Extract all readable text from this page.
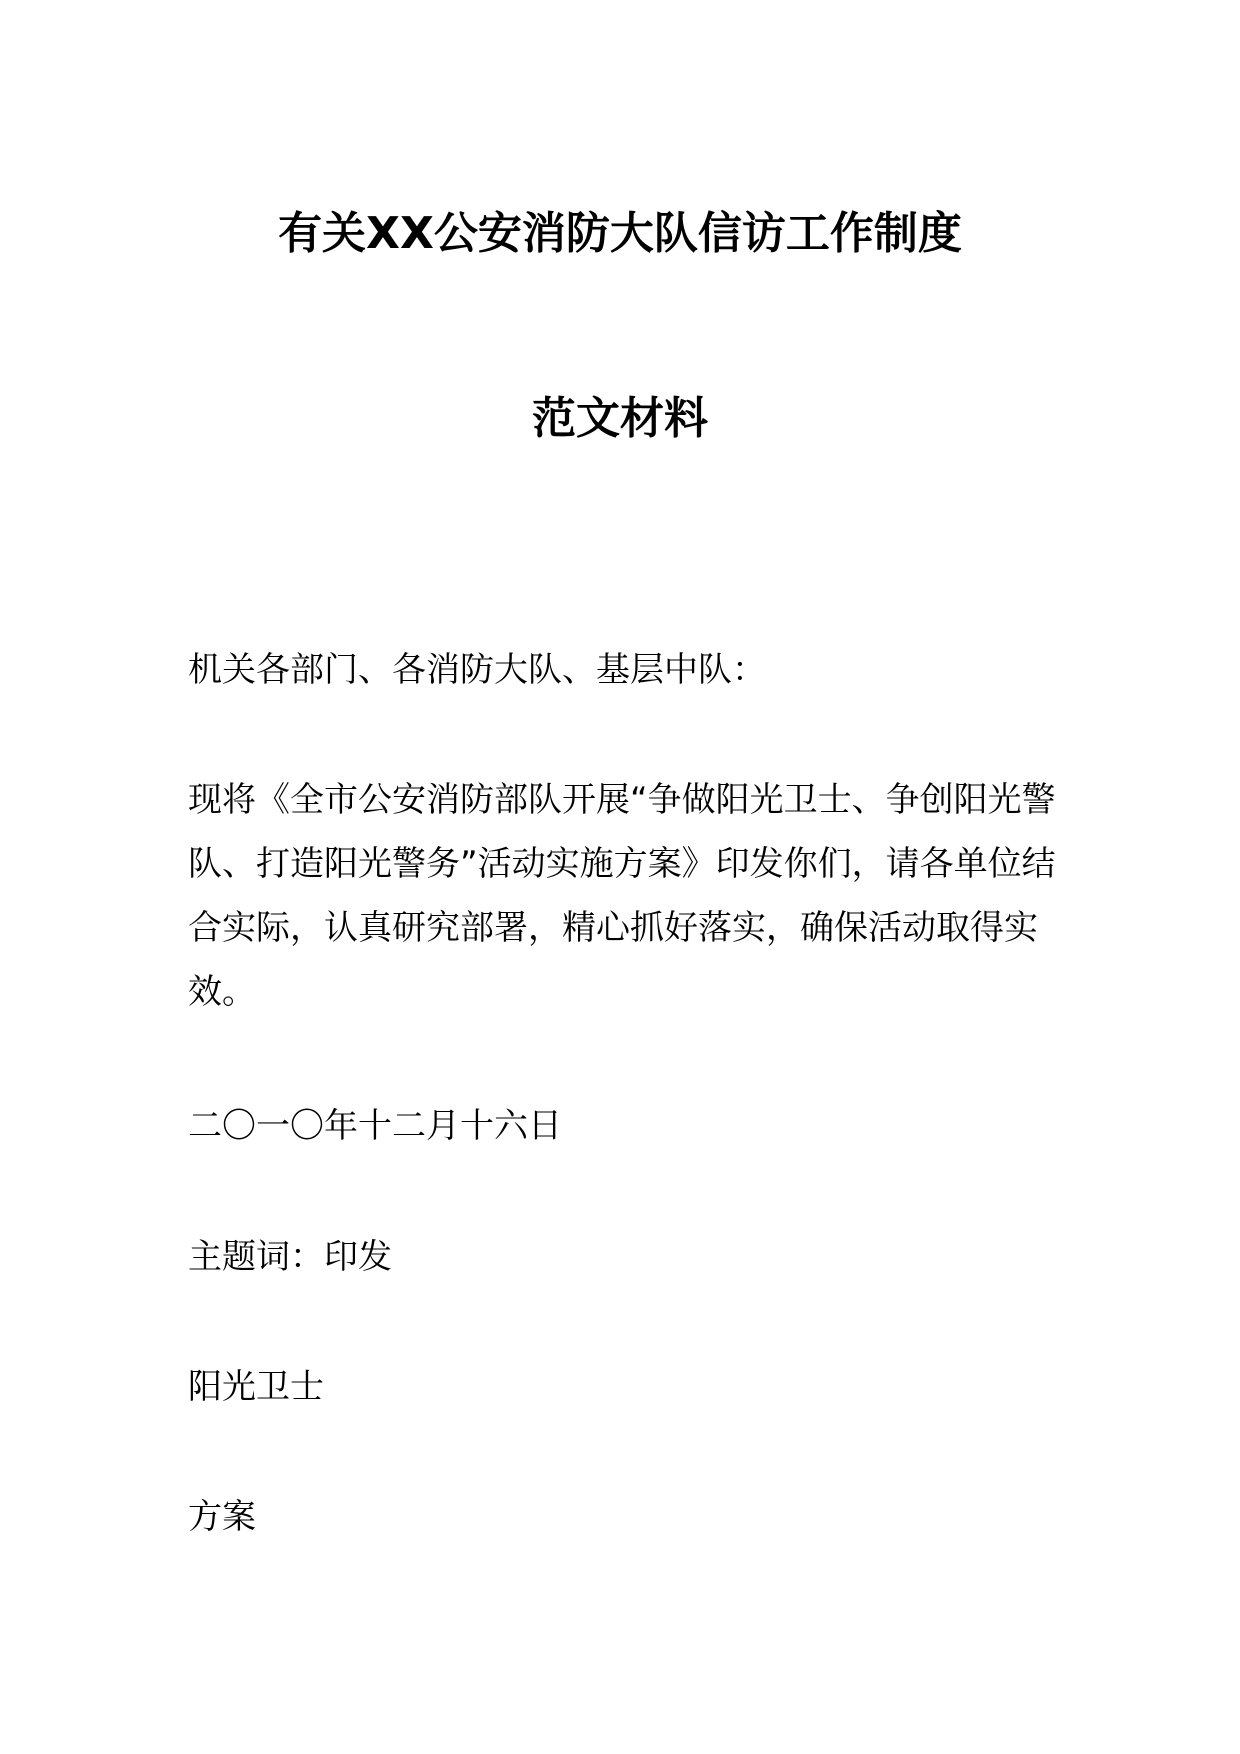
有关XX公安消防大队信访工作制度
范文材料
机关各部门、各消防大队、基层中队：
现将《全市公安消防部队开展“争做阳光卫士、争创阳光警队、打造阳光警务”活动实施方案》印发你们，请各单位结合实际，认真研究部署，精心抓好落实，确保活动取得实效。
二〇一〇年十二月十六日
主题词：印发
阳光卫士
方案
